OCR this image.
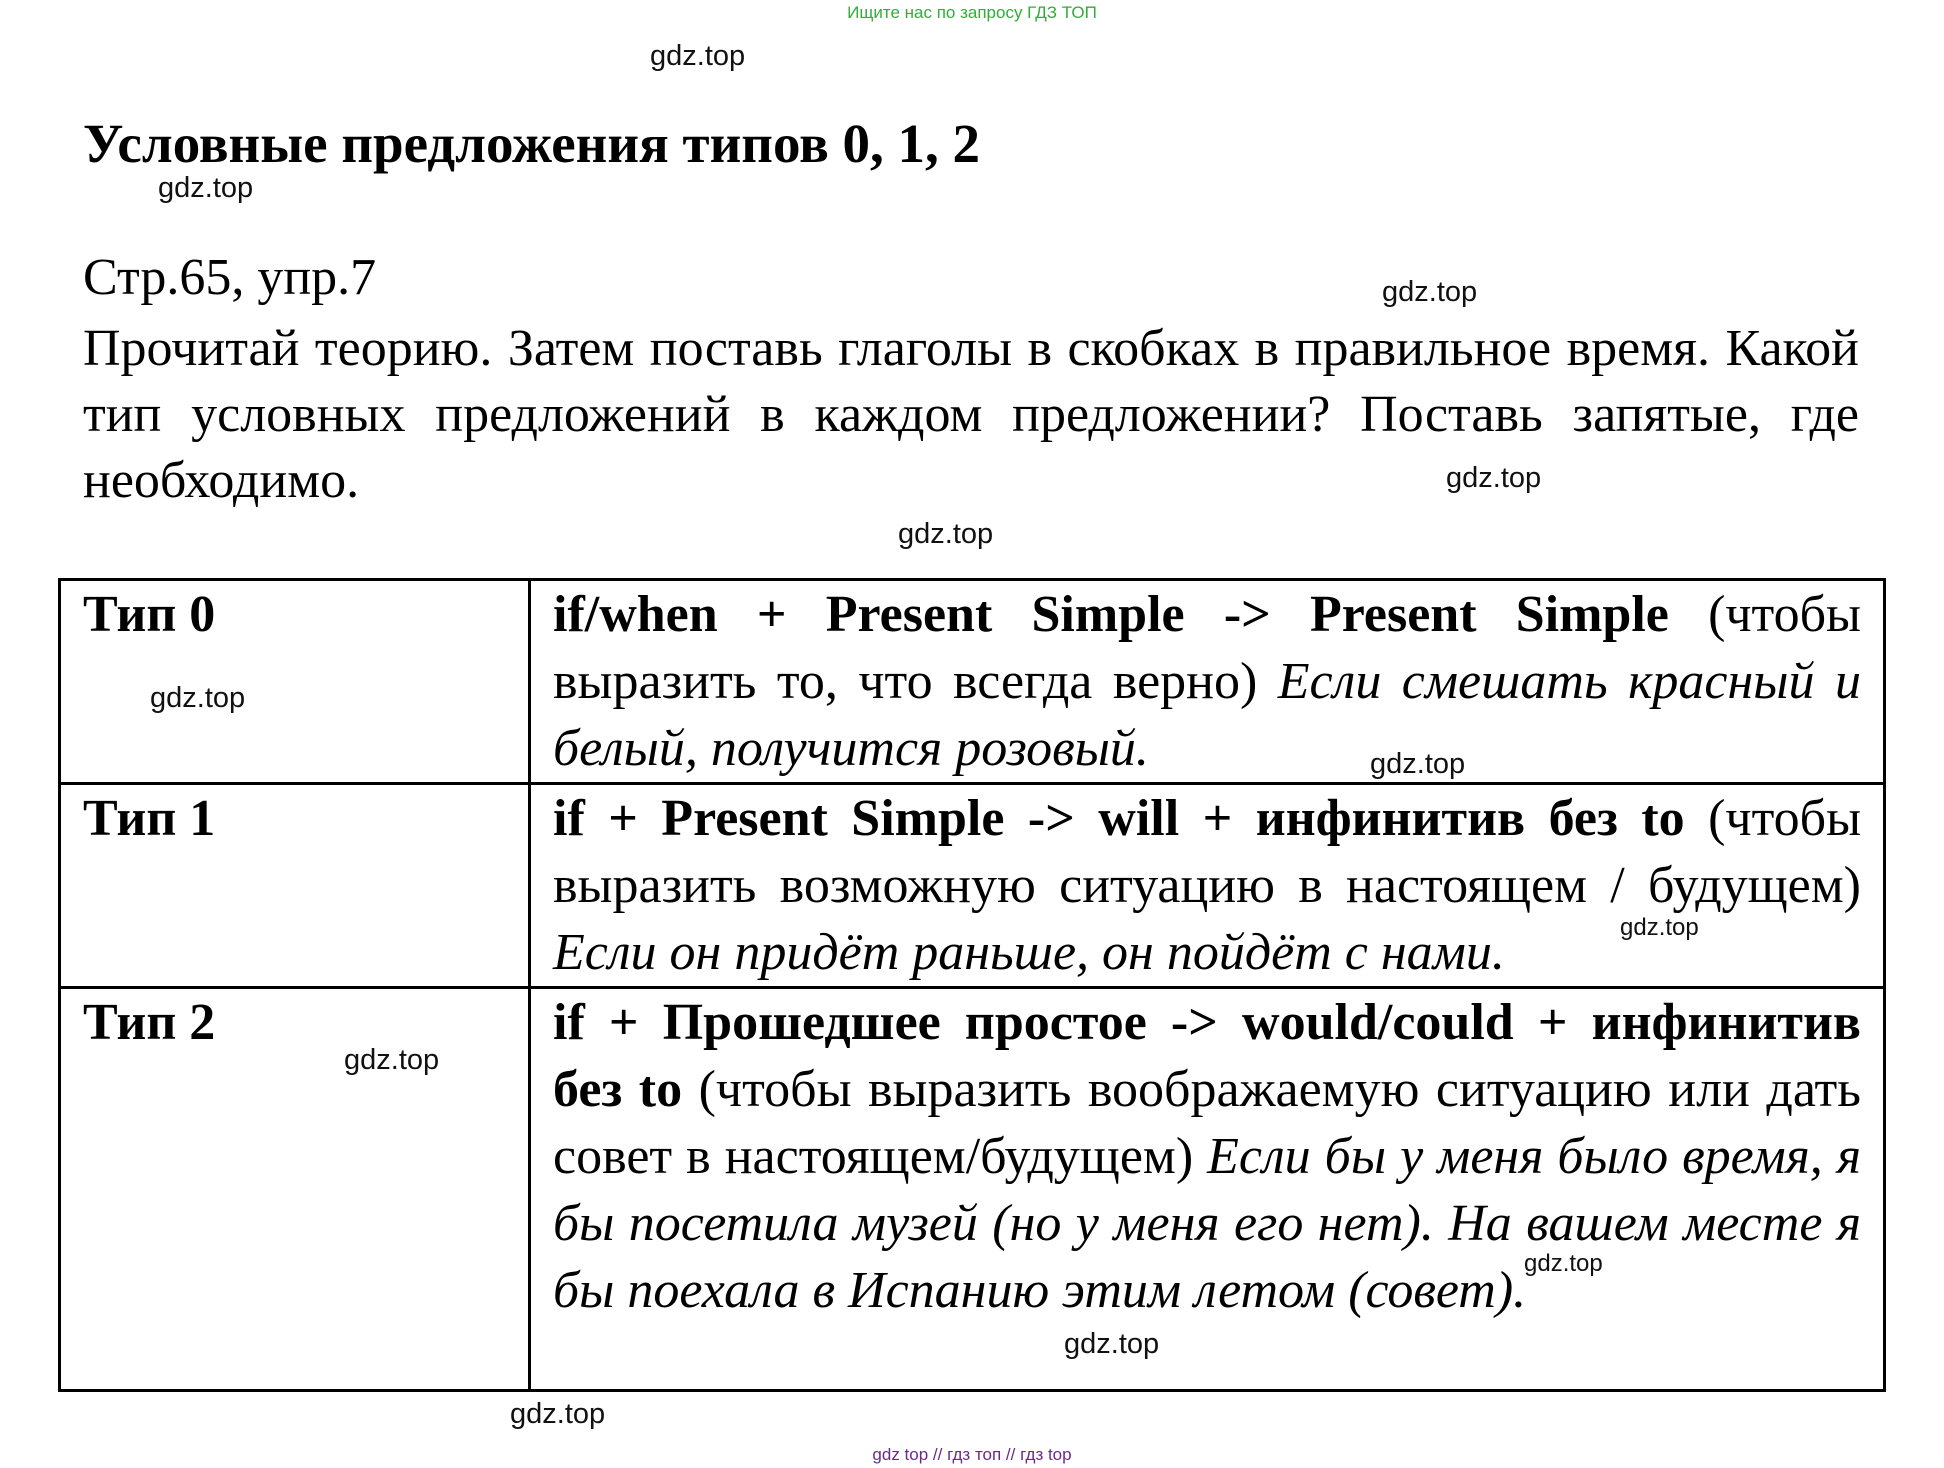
Ищите нас по запросу ГДЗ ТОП
Условные предложения типов 0, 1, 2
Стр.65, упр.7
Прочитай теорию. Затем поставь глаголы в скобках в правильное время. Какой тип условных предложений в каждом предложении? Поставь запятые, где необходимо.
Тип 0	if/when + Present Simple -> Present Simple (чтобы выразить то, что всегда верно) Если смешать красный и белый, получится розовый.
Тип 1	if + Present Simple -> will + инфинитив без to (чтобы выразить возможную ситуацию в настоящем / будущем) Если он придёт раньше, он пойдёт с нами.
Тип 2	if + Прошедшее простое -> would/could + инфинитив без to (чтобы выразить воображаемую ситуацию или дать совет в настоящем/будущем) Если бы у меня было время, я бы посетила музей (но у меня его нет). На вашем месте я бы поехала в Испанию этим летом (совет).
gdz.top
gdz.top
gdz.top
gdz.top
gdz.top
gdz.top
gdz.top
gdz.top
gdz.top
gdz.top
gdz.top
gdz.top
gdz top // гдз топ // гдз top
